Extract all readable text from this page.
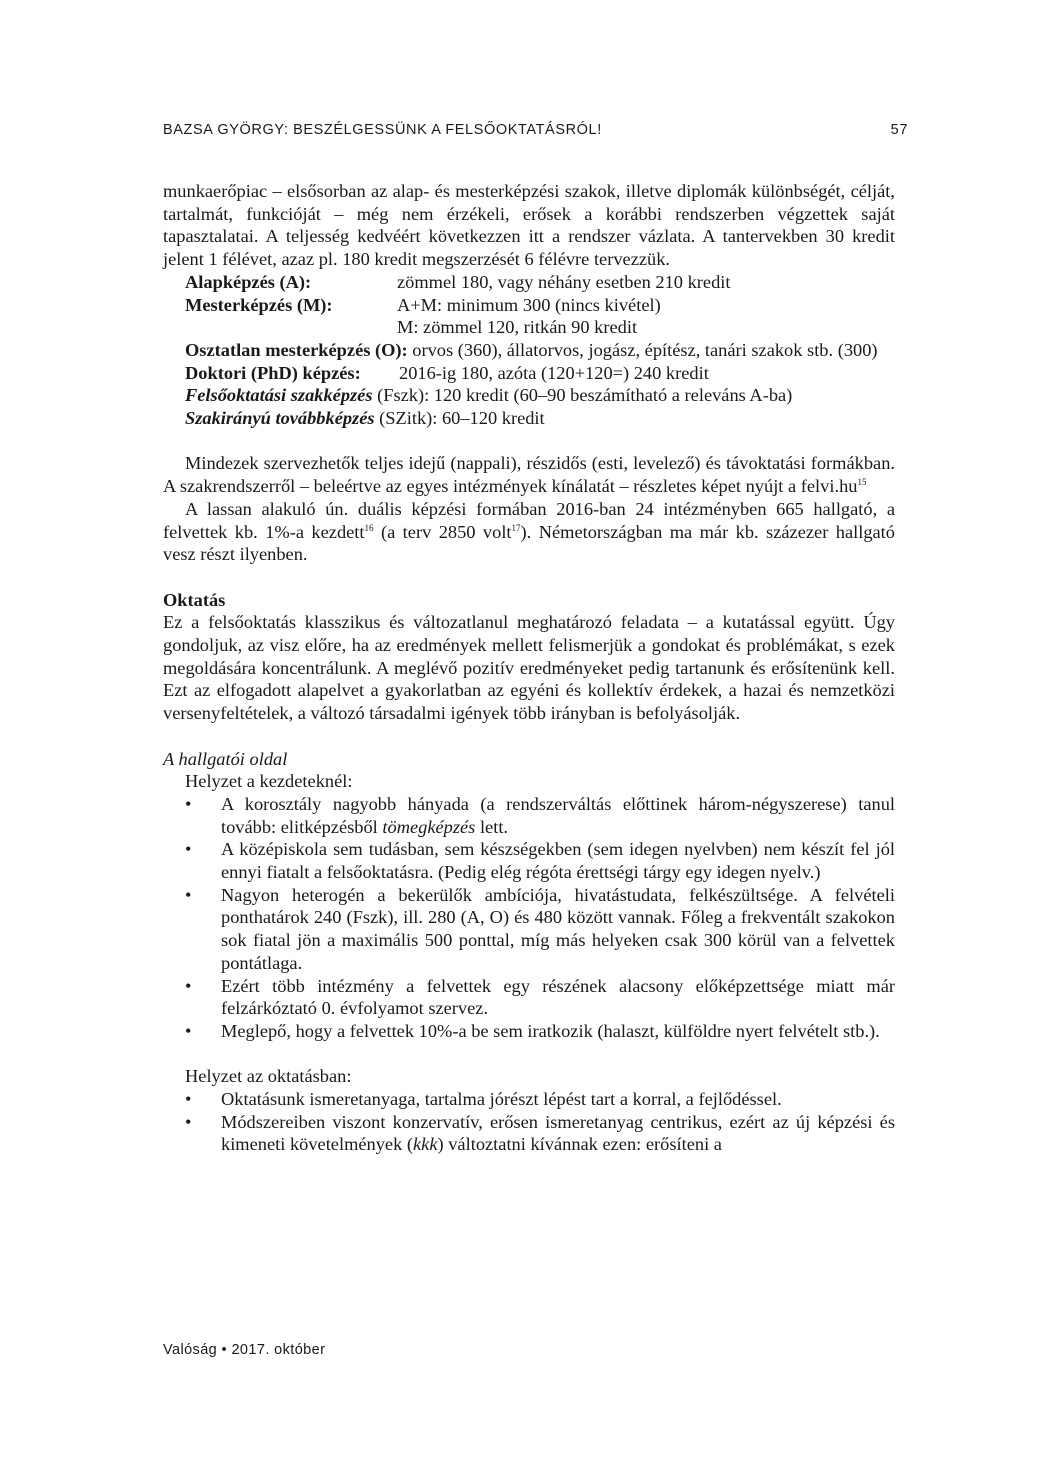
BAZSA GYÖRGY: BESZÉLGESSÜNK A FELSŐOKTATÁSRÓL!	57

munkaerőpiac – elsősorban az alap- és mesterképzési szakok, illetve diplomák különbségét, célját, tartalmát, funkcióját – még nem érzékeli, erősek a korábbi rendszerben végzettek saját tapasztalatai. A teljesség kedvéért következzen itt a rendszer vázlata. A tantervekben 30 kredit jelent 1 félévet, azaz pl. 180 kredit megszerzését 6 félévre tervezzük.

Alapképzés (A):	zömmel 180, vagy néhány esetben 210 kredit
Mesterképzés (M):	A+M: minimum 300 (nincs kivétel)
M: zömmel 120, ritkán 90 kredit

Osztatlan mesterképzés (O): orvos (360), állatorvos, jogász, építész, tanári szakok stb. (300)

Doktori (PhD) képzés:	2016-ig 180, azóta (120+120=) 240 kredit
Felsőoktatási szakképzés (Fszk): 120 kredit (60–90 beszámítható a releváns A-ba)
Szakirányú továbbképzés (SZitk): 60–120 kredit

Mindezek szervezhetők teljes idejű (nappali), részidős (esti, levelező) és távoktatási formákban. A szakrendszerről – beleértve az egyes intézmények kínálatát – részletes képet nyújt a $felvi.hu^{15}$

A lassan alakuló ún. duális képzési formában 2016-ban 24 intézményben 665 hallgató, a felvettek kb. 1%-a kezdett$^{16}$ (a terv 2850 volt$^{17}$). Németországban ma már kb. százezer hallgató vesz részt ilyenben.

Oktatás

Ez a felsőoktatás klasszikus és változatlanul meghatározó feladata – a kutatással együtt. Úgy gondoljuk, az visz előre, ha az eredmények mellett felismerjük a gondokat és problémákat, s ezek megoldására koncentrálunk. A meglévő pozitív eredményeket pedig tartanunk és erősítenünk kell. Ezt az elfogadott alapelvet a gyakorlatban az egyéni és kollektív érdekek, a hazai és nemzetközi versenyfeltételek, a változó társadalmi igények több irányban is befolyásolják.

A hallgatói oldal

Helyzet a kezdeteknél:

• A korosztály nagyobb hányada (a rendszerváltás előttinek három-négyszerese) tanul tovább: elitképzésből tömegképzés lett.
• A középiskola sem tudásban, sem készségekben (sem idegen nyelvben) nem készít fel jól ennyi fiatalt a felsőoktatásra. (Pedig elég régóta érettségi tárgy egy idegen nyelv.)
• Nagyon heterogén a bekerülők ambíciója, hivatástudata, felkészültsége. A felvételi ponthatárok 240 (Fszk), ill. 280 (A, O) és 480 között vannak. Főleg a frekventált szakokon sok fiatal jön a maximális 500 ponttal, míg más helyeken csak 300 körül van a felvettek pontátlaga.
• Ezért több intézmény a felvettek egy részének alacsony előképzettsége miatt már felzárkóztató 0. évfolyamot szervez.
• Meglepő, hogy a felvettek 10%-a be sem iratkozik (halaszt, külföldre nyert felvételt stb.).

Helyzet az oktatásban:

• Oktatásunk ismeretanyaga, tartalma jórészt lépést tart a korral, a fejlődéssel.
• Módszereiben viszont konzervatív, erősen ismeretanyag centrikus, ezért az új képzési és kimeneti követelmények (kkk) változtatni kívánnak ezen: erősíteni a
Valóság • 2017. október
